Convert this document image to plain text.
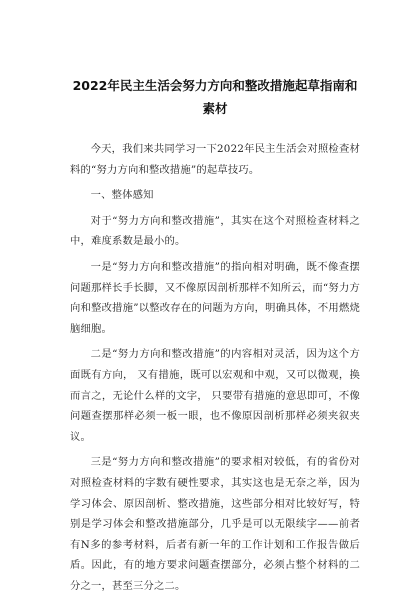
2022年民主生活会努力方向和整改措施起草指南和素材

今天，我们来共同学习一下2022年民主生活会对照检查材料的“努力方向和整改措施”的起草技巧。

一、整体感知

对于“努力方向和整改措施”，其实在这个对照检查材料之中，难度系数是最小的。

一是“努力方向和整改措施”的指向相对明确，既不像查摆问题那样长手长脚，又不像原因剖析那样不知所云，而“努力方向和整改措施”以整改存在的问题为方向，明确具体，不用燃烧脑细胞。

二是“努力方向和整改措施”的内容相对灵活，因为这个方面既有方向， 又有措施，既可以宏观和中观，又可以微观，换而言之，无论什么样的文字， 只要带有措施的意思即可，不像问题查摆那样必须一板一眼，也不像原因剖析那样必须夹叙夹议。

三是“努力方向和整改措施”的要求相对较低，有的省份对对照检查材料的字数有硬性要求，其实这也是无奈之举，因为学习体会、原因剖析、整改措施，这些部分相对比较好写，特别是学习体会和整改措施部分，几乎是可以无限续字——前者有N多的参考材料，后者有新一年的工作计划和工作报告做后盾。因此，有的地方要求问题查摆部分，必须占整个材料的二分之一，甚至三分之二。
